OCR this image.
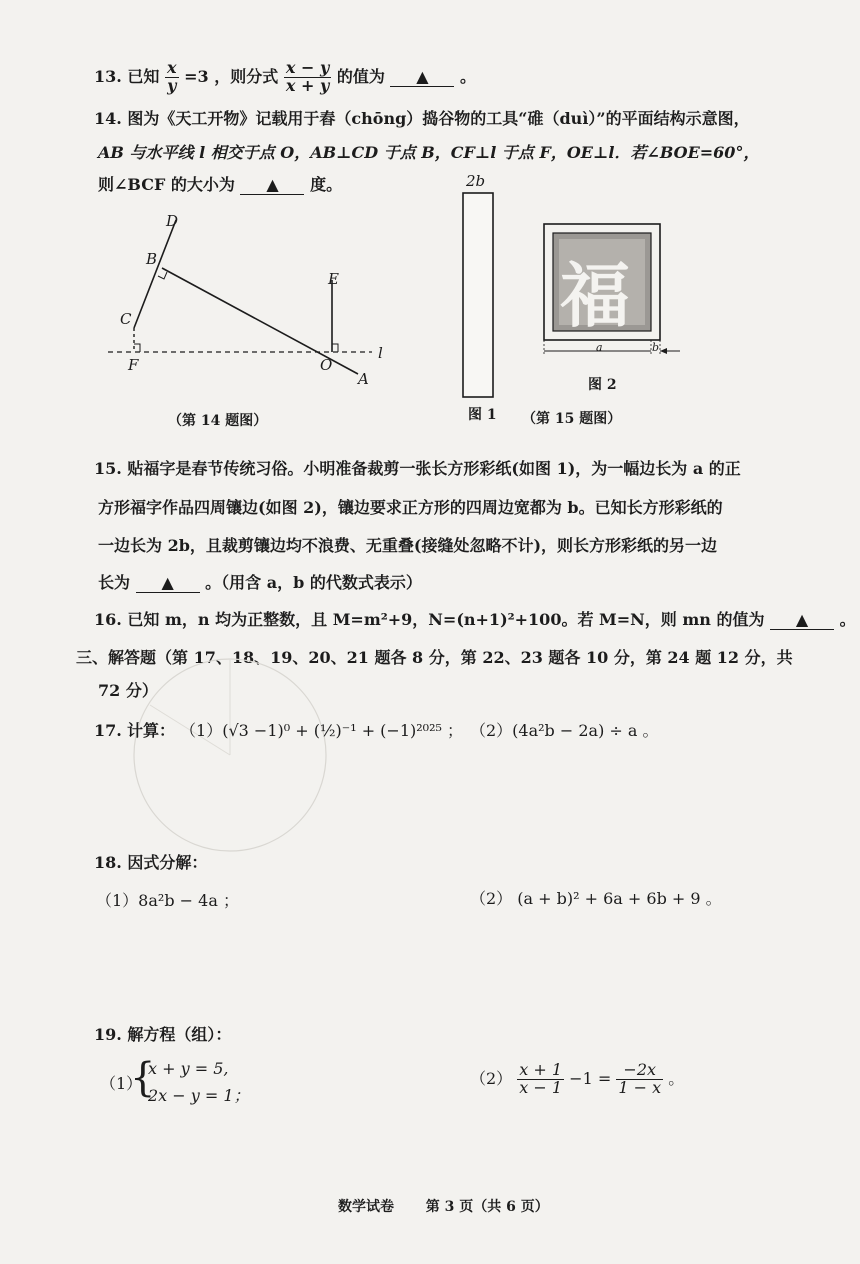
13. 已知 $\frac{x}{y} =3$ ，则分式 $\frac{x - y}{x + y}$ 的值为 ▲ 。
14. 图为《天工开物》记载用于舂（chōng）捣谷物的工具“碓（duì）”的平面结构示意图，
AB 与水平线 l 相交于点 O，AB⊥CD 于点 B，CF⊥l 于点 F，OE⊥l．若∠BOE=60°，
则∠BCF 的大小为 ▲ 度。
D
B
C
F
E
O
A
l
（第 14 题图）
2b
图 1
福
a	b
图 2
（第 15 题图）
15. 贴福字是春节传统习俗。小明准备裁剪一张长方形彩纸(如图 1)，为一幅边长为 a 的正
方形福字作品四周镶边(如图 2)，镶边要求正方形的四周边宽都为 b。已知长方形彩纸的
一边长为 2b，且裁剪镶边均不浪费、无重叠(接缝处忽略不计)，则长方形彩纸的另一边
长为 ▲ 。（用含 a，b 的代数式表示）
16. 已知 m，n 均为正整数，且 M=m²+9，N=(n+1)²+100。若 M=N，则 mn 的值为 ▲ 。
三、解答题（第 17、18、19、20、21 题各 8 分，第 22、23 题各 10 分，第 24 题 12 分，共
72 分）
17. 计算： （1）(√3 −1)⁰ + (½)⁻¹ + (−1)²⁰²⁵ ； （2）(4a²b − 2a) ÷ a 。
18. 因式分解：
（1）8a²b − 4a ；	（2） (a + b)² + 6a + 6b + 9 。
19. 解方程（组）：
（1）
{
x + y = 5,
2x − y = 1；
$(2) \frac{x + 1}{x - 1} -1 = \frac{-2x}{1 - x}$ 。
数学试卷 第 3 页（共 6 页）
